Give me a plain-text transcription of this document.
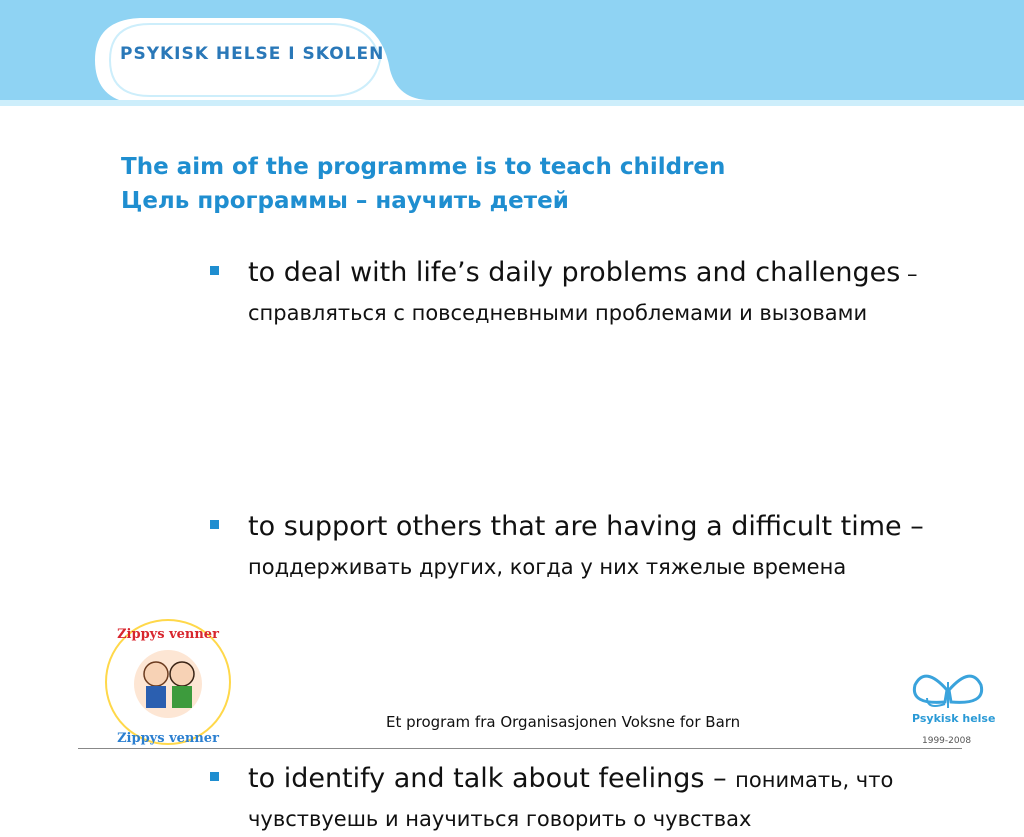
PSYKISK HELSE I SKOLEN
The aim of the programme is to teach children
Цель программы – научить детей
to deal with life’s daily problems and challenges – справляться с повседневными проблемами и вызовами
to support others that are having a difficult time – поддерживать других, когда у них тяжелые времена
to identify and talk about feelings – понимать, что чувствуешь и научиться говорить о чувствах
Zippys venner
Zippys venner
Psykisk helse
1999-2008
Et program fra Organisasjonen Voksne for Barn
